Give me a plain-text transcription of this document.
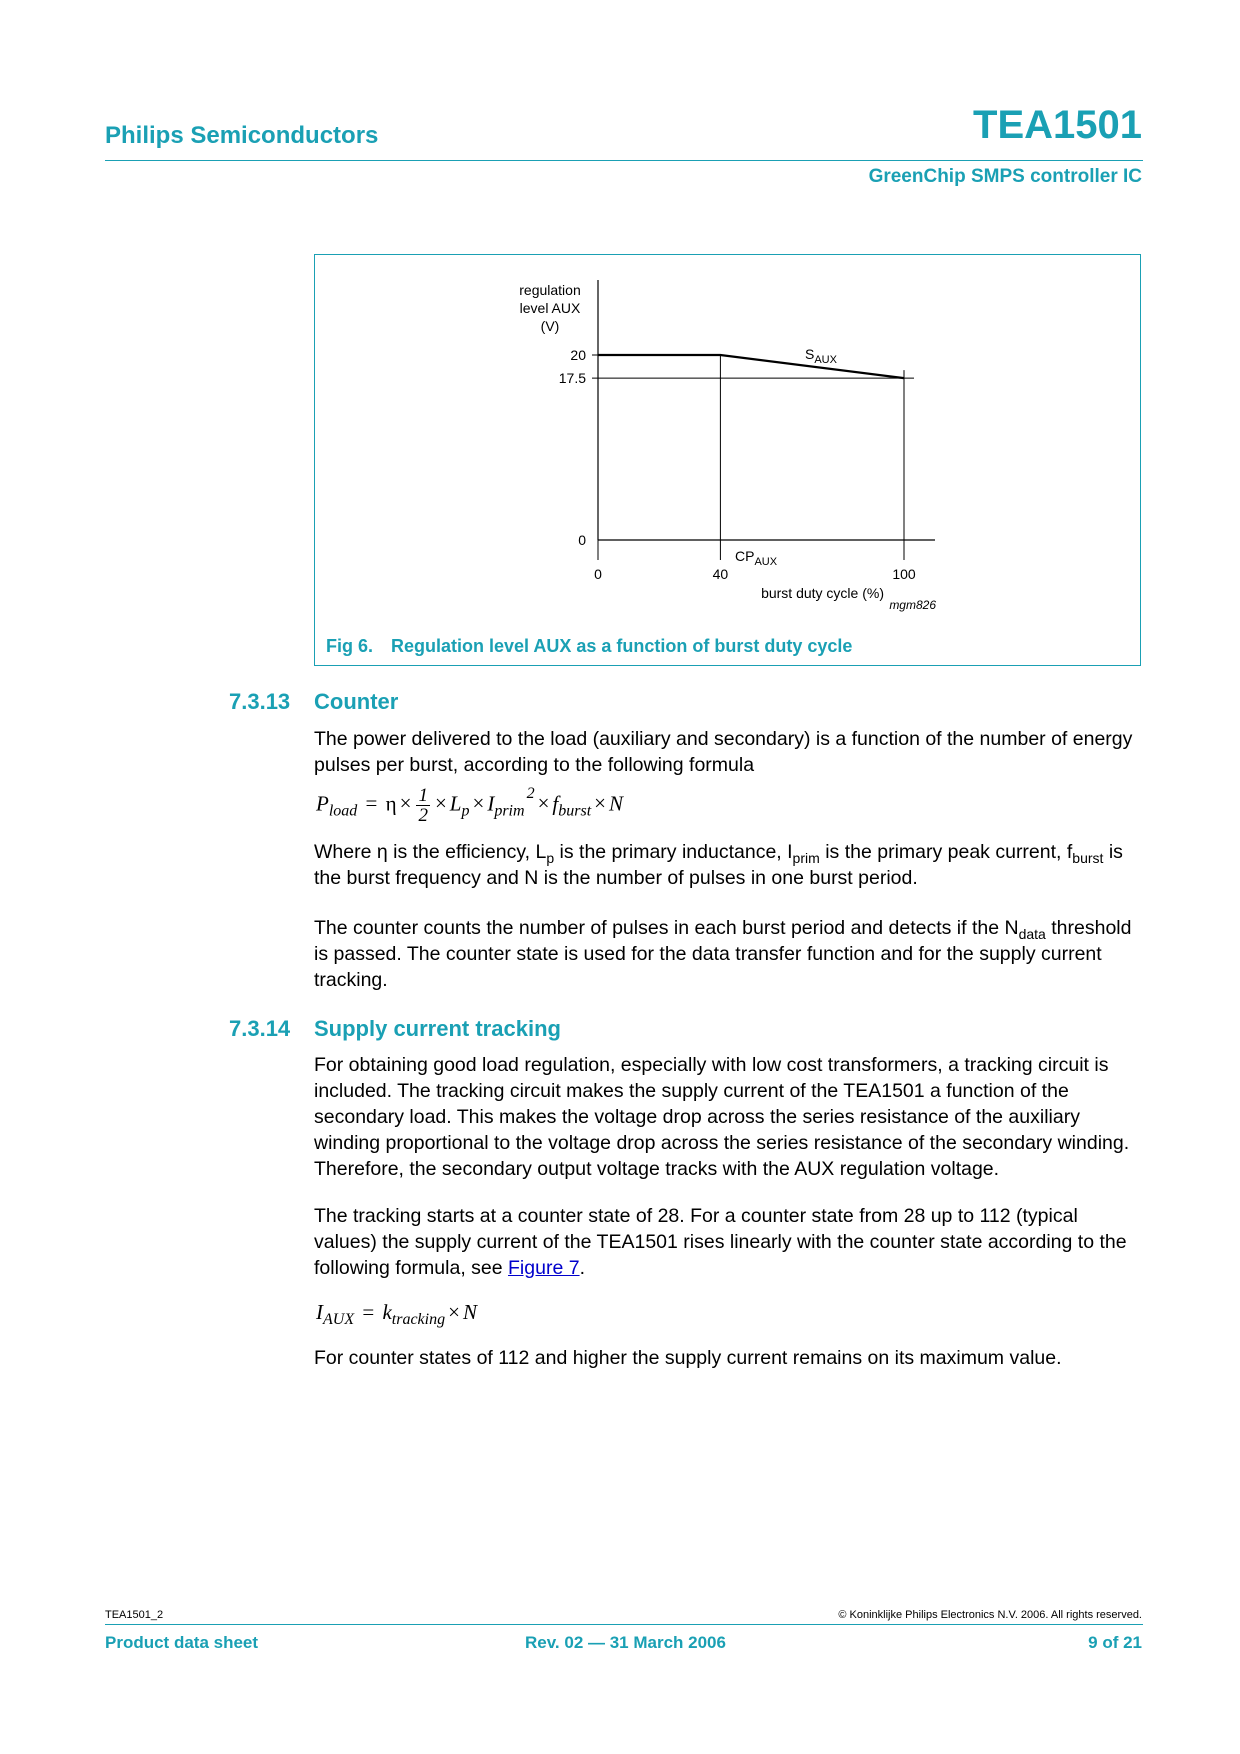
Philips Semiconductors	TEA1501
GreenChip SMPS controller IC
regulation
level AUX
(V)
0
17.5
20
0	40	100
$S_{AUX}$
$CP_{AUX}$
burst duty cycle (%)
mgm826
Fig 6. Regulation level AUX as a function of burst duty cycle
7.3.13 Counter
The power delivered to the load (auxiliary and secondary) is a function of the number of energy pulses per burst, according to the following formula
$P_{load} = \eta \times \frac{1}{2} \times L_p \times I_{prim}^2 \times f_{burst} \times N$
Where η is the efficiency, $L_p$ is the primary inductance, $I_{prim}$ is the primary peak current, $f_{burst}$ is the burst frequency and N is the number of pulses in one burst period.
The counter counts the number of pulses in each burst period and detects if the $N_{data}$ threshold is passed. The counter state is used for the data transfer function and for the supply current tracking.
7.3.14 Supply current tracking
For obtaining good load regulation, especially with low cost transformers, a tracking circuit is included. The tracking circuit makes the supply current of the TEA1501 a function of the secondary load. This makes the voltage drop across the series resistance of the auxiliary winding proportional to the voltage drop across the series resistance of the secondary winding. Therefore, the secondary output voltage tracks with the AUX regulation voltage.
The tracking starts at a counter state of 28. For a counter state from 28 up to 112 (typical values) the supply current of the TEA1501 rises linearly with the counter state according to the following formula, see Figure 7.
$I_{AUX} = k_{tracking} \times N$
For counter states of 112 and higher the supply current remains on its maximum value.
TEA1501_2	© Koninklijke Philips Electronics N.V. 2006. All rights reserved.
Product data sheet	Rev. 02 — 31 March 2006	9 of 21
